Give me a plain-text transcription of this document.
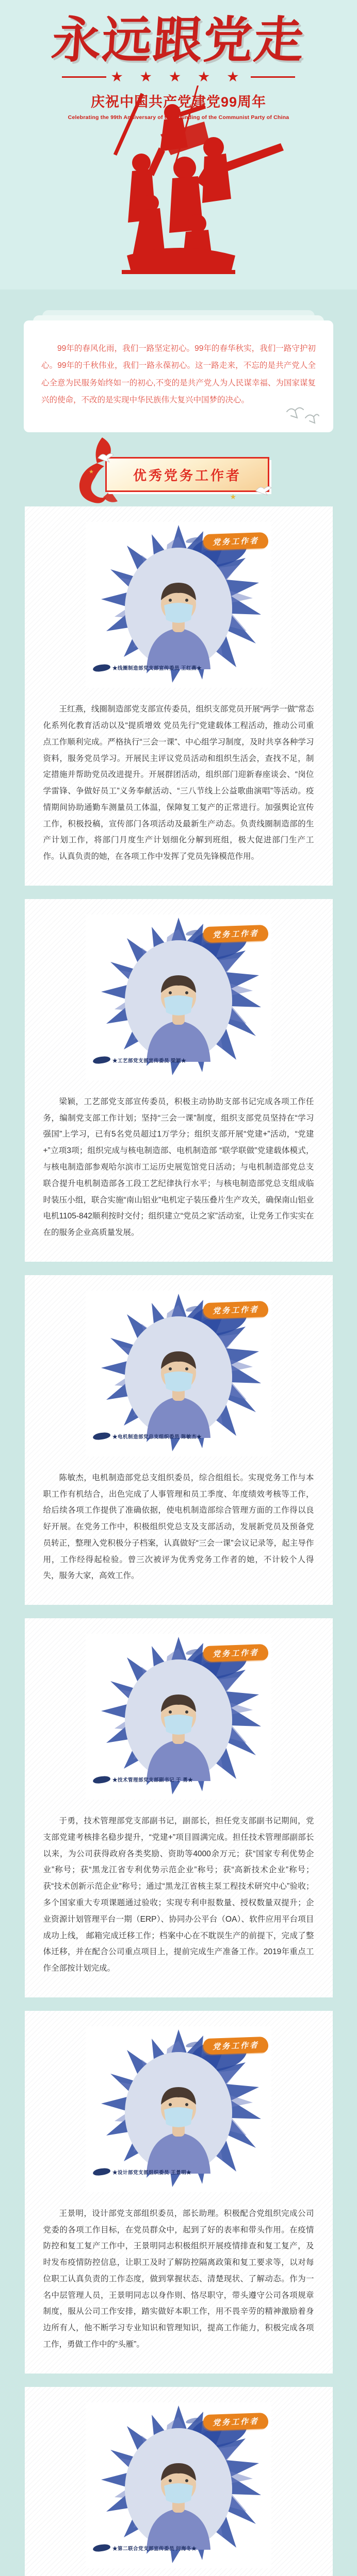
永远跟党走
★ ★ ★ ★ ★
庆祝中国共产党建党99周年
Celebrating the 99th Anniversary of the Founding of the Communist Party of China
99年的春风化雨，我们一路坚定初心。99年的春华秋实，我们一路守护初心。99年的千秋伟业，我们一路永葆初心。这一路走来，不忘的是共产党人全心全意为民服务始终如一的初心,不变的是共产党人为人民谋幸福、为国家谋复兴的使命，不改的是实现中华民族伟大复兴中国梦的决心。
优秀党务工作者
★
★
党务工作者
★线圈制造部党支部宣传委员 王红燕★
王红燕，线圈制造部党支部宣传委员，组织支部党员开展“两学一做”常态化系列化教育活动以及“提质增效 党员先行”党建载体工程活动，推动公司重点工作顺利完成。严格执行“三会一课”、中心组学习制度，及时共享各种学习资料，服务党员学习。开展民主评议党员活动和组织生活会，查找不足，制定措施并帮助党员改进提升。开展群团活动，组织部门迎新春座谈会、“岗位学雷锋、争做好员工”义务奉献活动、“三八节线上公益歌曲演唱”等活动。疫情期间协助通勤车测量员工体温，保障复工复产的正常进行。加强舆论宣传工作，积极投稿，宣传部门各项活动及最新生产动态。负责线圈制造部的生产计划工作，将部门月度生产计划细化分解到班组，极大促进部门生产工作。认真负责的她，在各项工作中发挥了党员先锋模范作用。
党务工作者
★工艺部党支部宣传委员 梁颖★
梁颖，工艺部党支部宣传委员，积极主动协助支部书记完成各项工作任务，编制党支部工作计划；坚持“三会一课”制度，组织支部党员坚持在“学习强国”上学习，已有5名党员超过1万学分；组织支部开展“党建+”活动，“党建+”立项3项；组织完成与核电制造部、电机制造部 “联学联做”党建载体模式，与核电制造部参观哈尔滨市工运历史展览馆党日活动；与电机制造部党总支联合提升电机制造部各工段工艺纪律执行水平；与核电制造部党总支组成临时装压小组，联合实施“南山铝业”电机定子装压叠片生产攻关，确保南山铝业电机1105-842顺利按时交付；组织建立“党员之家”活动室，让党务工作实实在在的服务企业高质量发展。
党务工作者
★电机制造部党总支组织委员 陈敏杰★
陈敏杰，电机制造部党总支组织委员，综合组组长。实现党务工作与本职工作有机结合，出色完成了人事管理和员工季度、年度绩效考核等工作，给后续各项工作提供了准确依据，使电机制造部综合管理方面的工作得以良好开展。在党务工作中，积极组织党总支及支部活动，发展新党员及预备党员转正，整理入党积极分子档案，认真做好“三会一课”会议记录等，起主导作用，工作经得起检验。曾三次被评为优秀党务工作者的她，不计较个人得失，服务大家，高效工作。
党务工作者
★技术管理部党支部副书记 于 勇★
于勇，技术管理部党支部副书记，副部长，担任党支部副书记期间，党支部党建考核排名稳步提升，“党建+”项目圆满完成。担任技术管理部副部长以来，为公司获得政府各类奖励、资助等4000余万元；获“国家专利优势企业”称号；获“黑龙江省专利优势示范企业”称号；获“高新技术企业”称号；获“技术创新示范企业”称号；通过“黑龙江省核主泵工程技术研究中心”验收；多个国家重大专项课题通过验收；实现专利申报数量、授权数量双提升；企业资源计划管理平台一期（ERP）、协同办公平台（OA）、软件应用平台项目成功上线， 邮箱完成迁移工作；档案中心在不耽误生产的前提下，完成了整体迁移，并在配合公司重点项目上，提前完成生产准备工作。2019年重点工作全部按计划完成。
党务工作者
★设计部党支部组织委员 王景明★
王景明，设计部党支部组织委员，部长助理。积极配合党组织完成公司党委的各项工作目标，在党员群众中，起到了好的表率和带头作用。在疫情防控和复工复产工作中，王景明同志积极组织开展疫情排查和复工复产，及时发布疫情防控信息，让职工及时了解防控隔离政策和复工要求等，以对每位职工认真负责的工作态度，做到掌握状态、清楚现状、了解动态。作为一名中层管理人员，王景明同志以身作则、恪尽职守，带头遵守公司各项规章制度，服从公司工作安排，踏实做好本职工作，用不畏辛劳的精神激励着身边所有人，他不断学习专业知识和管理知识，提高工作能力，积极完成各项工作，勇做工作中的“头雁”。
党务工作者
★第二联合党支部宣传委员 问海冬★
